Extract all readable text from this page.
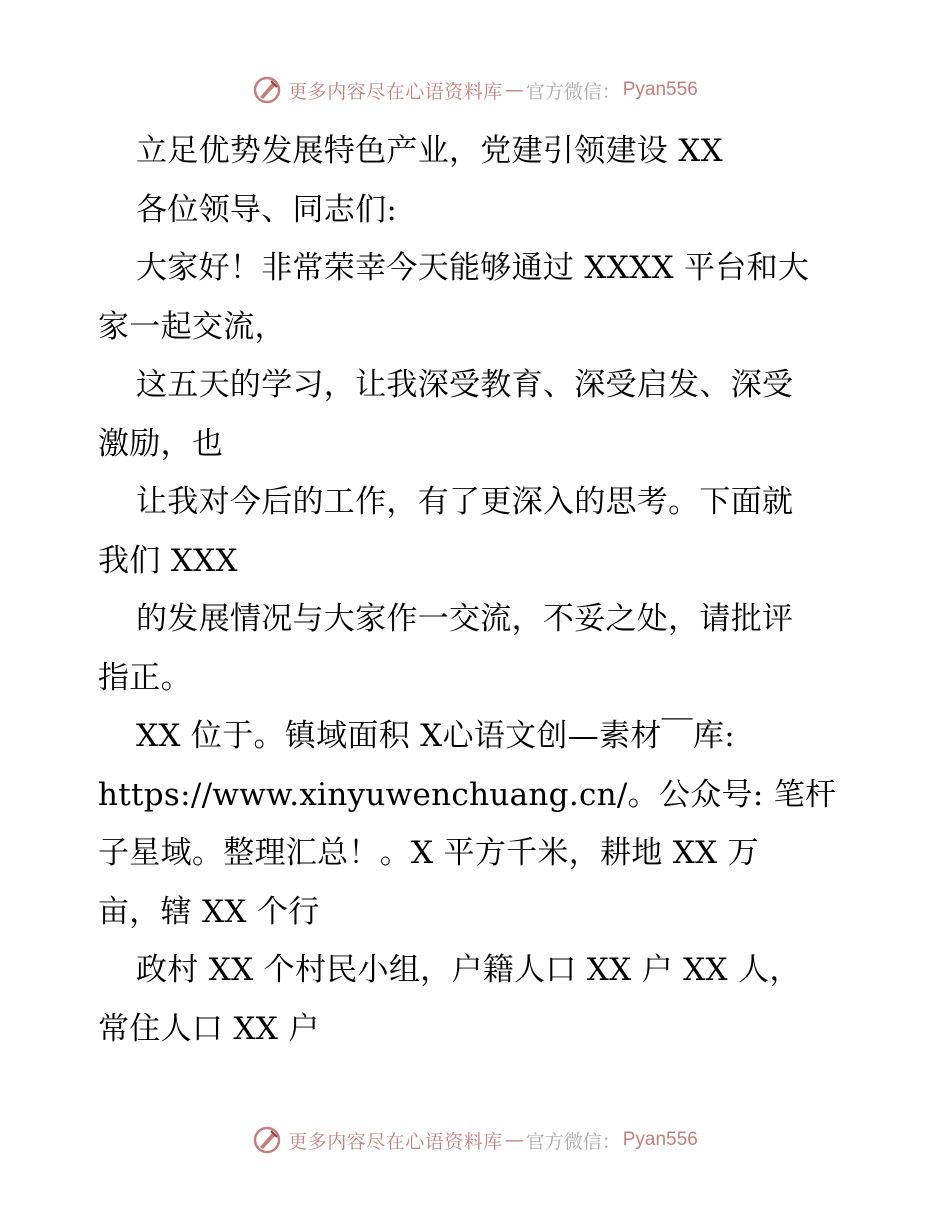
更多内容尽在心语资料库 — 官方微信： Pyan556
立足优势发展特色产业，党建引领建设 XX
各位领导、同志们:
大家好！非常荣幸今天能够通过 XXXX 平台和大
家一起交流，
这五天的学习，让我深受教育、深受启发、深受
激励，也
让我对今后的工作，有了更深入的思考。下面就
我们 XXX
的发展情况与大家作一交流，不妥之处，请批评
指正。
XX 位于。镇域面积 X心语文创—素材￣库:
https://www.xinyuwenchuang.cn/。公众号: 笔杆
子星域。整理汇总！。X 平方千米，耕地 XX 万
亩，辖 XX 个行
政村 XX 个村民小组，户籍人口 XX 户 XX 人，
常住人口 XX 户
更多内容尽在心语资料库 — 官方微信： Pyan556
